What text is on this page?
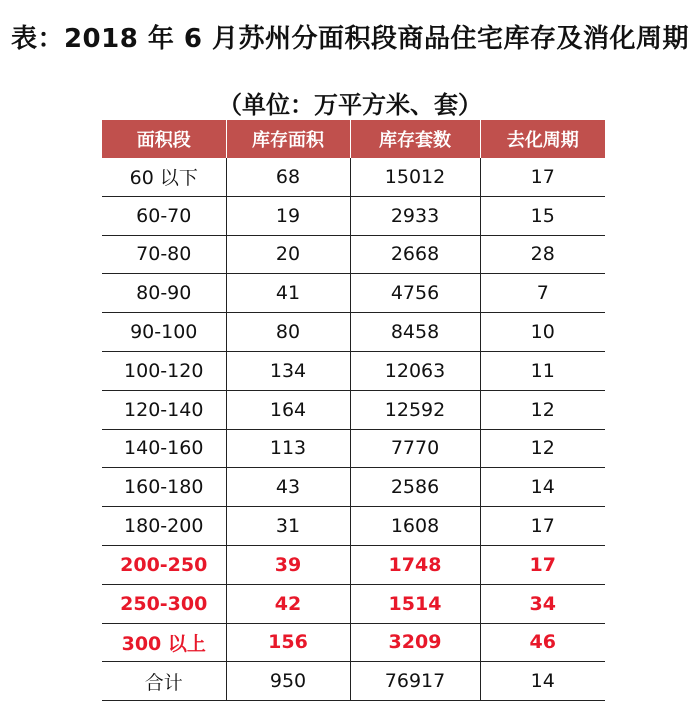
表：2018 年 6 月苏州分面积段商品住宅库存及消化周期
（单位：万平方米、套）
面积段	库存面积	库存套数	去化周期
60 以下	68	15012	17
60-70	19	2933	15
70-80	20	2668	28
80-90	41	4756	7
90-100	80	8458	10
100-120	134	12063	11
120-140	164	12592	12
140-160	113	7770	12
160-180	43	2586	14
180-200	31	1608	17
200-250	39	1748	17
250-300	42	1514	34
300 以上	156	3209	46
合计	950	76917	14
